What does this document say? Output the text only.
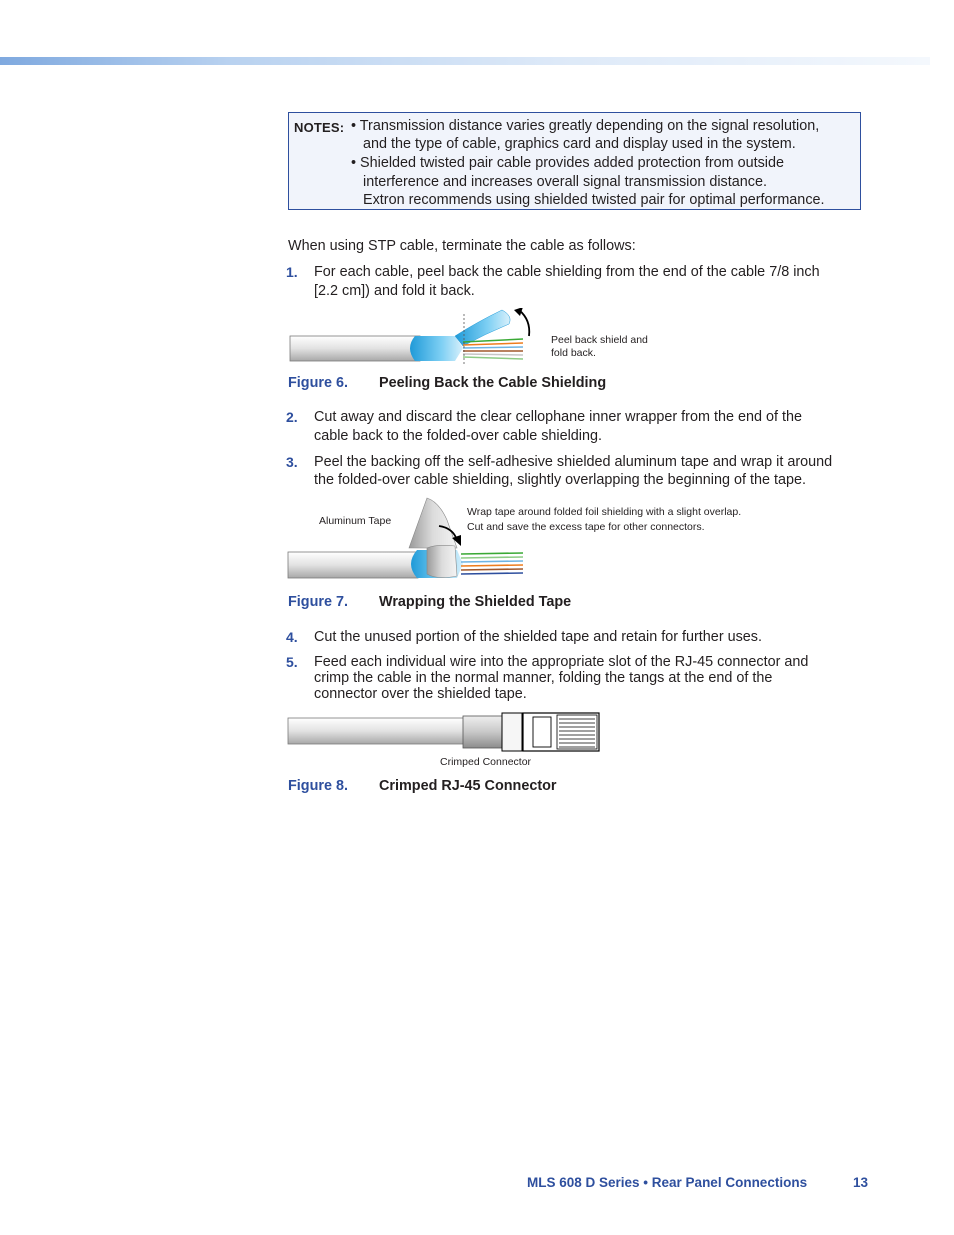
NOTES: • Transmission distance varies greatly depending on the signal resolution,
and the type of cable, graphics card and display used in the system.
• Shielded twisted pair cable provides added protection from outside
interference and increases overall signal transmission distance.
Extron recommends using shielded twisted pair for optimal performance.
When using STP cable, terminate the cable as follows:
1. For each cable, peel back the cable shielding from the end of the cable 7/8 inch
[2.2 cm]) and fold it back.
Peel back shield and
fold back.
Figure 6. Peeling Back the Cable Shielding
2. Cut away and discard the clear cellophane inner wrapper from the end of the
cable back to the folded-over cable shielding.
3. Peel the backing off the self-adhesive shielded aluminum tape and wrap it around
the folded-over cable shielding, slightly overlapping the beginning of the tape.
Aluminum Tape
Wrap tape around folded foil shielding with a slight overlap.
Cut and save the excess tape for other connectors.
Figure 7. Wrapping the Shielded Tape
4. Cut the unused portion of the shielded tape and retain for further uses.
5. Feed each individual wire into the appropriate slot of the RJ-45 connector and
crimp the cable in the normal manner, folding the tangs at the end of the
connector over the shielded tape.
Crimped Connector
Figure 8. Crimped RJ-45 Connector
MLS 608 D Series • Rear Panel Connections	13
